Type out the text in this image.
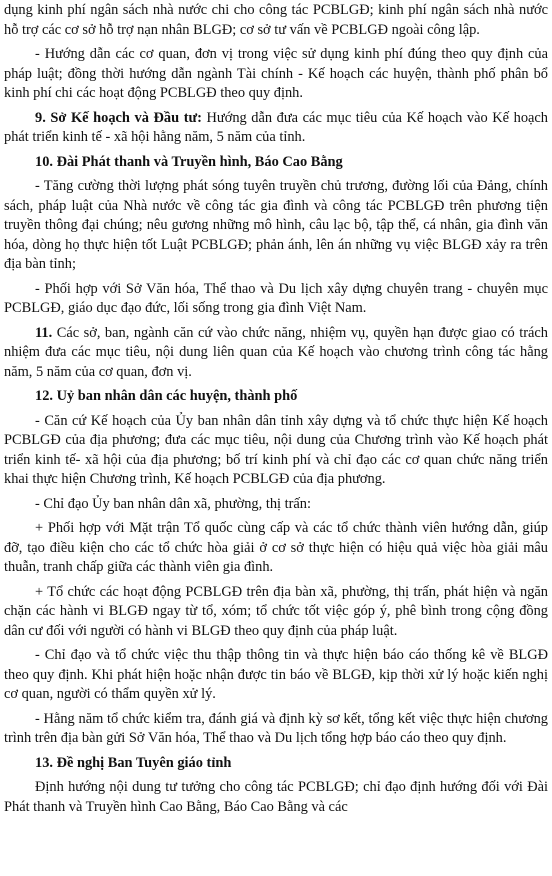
dụng kinh phí ngân sách nhà nước chi cho công tác PCBLGĐ; kinh phí ngân sách nhà nước hỗ trợ các cơ sở hỗ trợ nạn nhân BLGĐ; cơ sở tư vấn về PCBLGĐ ngoài công lập.

- Hướng dẫn các cơ quan, đơn vị trong việc sử dụng kinh phí đúng theo quy định của pháp luật; đồng thời hướng dẫn ngành Tài chính - Kế hoạch các huyện, thành phố phân bổ kinh phí chi các hoạt động PCBLGĐ theo quy định.

9. Sở Kế hoạch và Đầu tư: Hướng dẫn đưa các mục tiêu của Kế hoạch vào Kế hoạch phát triển kinh tế - xã hội hằng năm, 5 năm của tỉnh.

10. Đài Phát thanh và Truyền hình, Báo Cao Bằng

- Tăng cường thời lượng phát sóng tuyên truyền chủ trương, đường lối của Đảng, chính sách, pháp luật của Nhà nước về công tác gia đình và công tác PCBLGĐ trên phương tiện truyền thông đại chúng; nêu gương những mô hình, câu lạc bộ, tập thể, cá nhân, gia đình văn hóa, dòng họ thực hiện tốt Luật PCBLGĐ; phản ánh, lên án những vụ việc BLGĐ xảy ra trên địa bàn tỉnh;

- Phối hợp với Sở Văn hóa, Thể thao và Du lịch xây dựng chuyên trang - chuyên mục PCBLGĐ, giáo dục đạo đức, lối sống trong gia đình Việt Nam.

11. Các sở, ban, ngành căn cứ vào chức năng, nhiệm vụ, quyền hạn được giao có trách nhiệm đưa các mục tiêu, nội dung liên quan của Kế hoạch vào chương trình công tác hằng năm, 5 năm của cơ quan, đơn vị.

12. Uỷ ban nhân dân các huyện, thành phố

- Căn cứ Kế hoạch của Ủy ban nhân dân tỉnh xây dựng và tổ chức thực hiện Kế hoạch PCBLGĐ của địa phương; đưa các mục tiêu, nội dung của Chương trình vào Kế hoạch phát triển kinh tế- xã hội của địa phương; bố trí kinh phí và chỉ đạo các cơ quan chức năng triển khai thực hiện Chương trình, Kế hoạch PCBLGĐ của địa phương.

- Chỉ đạo Ủy ban nhân dân xã, phường, thị trấn:

+ Phối hợp với Mặt trận Tổ quốc cùng cấp và các tổ chức thành viên hướng dẫn, giúp đỡ, tạo điều kiện cho các tổ chức hòa giải ở cơ sở thực hiện có hiệu quả việc hòa giải mâu thuẫn, tranh chấp giữa các thành viên gia đình.

+ Tổ chức các hoạt động PCBLGĐ trên địa bàn xã, phường, thị trấn, phát hiện và ngăn chặn các hành vi BLGĐ ngay từ tổ, xóm; tổ chức tốt việc góp ý, phê bình trong cộng đồng dân cư đối với người có hành vi BLGĐ theo quy định của pháp luật.

- Chỉ đạo và tổ chức việc thu thập thông tin và thực hiện báo cáo thống kê về BLGĐ theo quy định. Khi phát hiện hoặc nhận được tin báo về BLGĐ, kịp thời xử lý hoặc kiến nghị cơ quan, người có thẩm quyền xử lý.

- Hằng năm tổ chức kiểm tra, đánh giá và định kỳ sơ kết, tổng kết việc thực hiện chương trình trên địa bàn gửi Sở Văn hóa, Thể thao và Du lịch tổng hợp báo cáo theo quy định.

13. Đề nghị Ban Tuyên giáo tỉnh

Định hướng nội dung tư tưởng cho công tác PCBLGĐ; chỉ đạo định hướng đối với Đài Phát thanh và Truyền hình Cao Bằng, Báo Cao Bằng và các
